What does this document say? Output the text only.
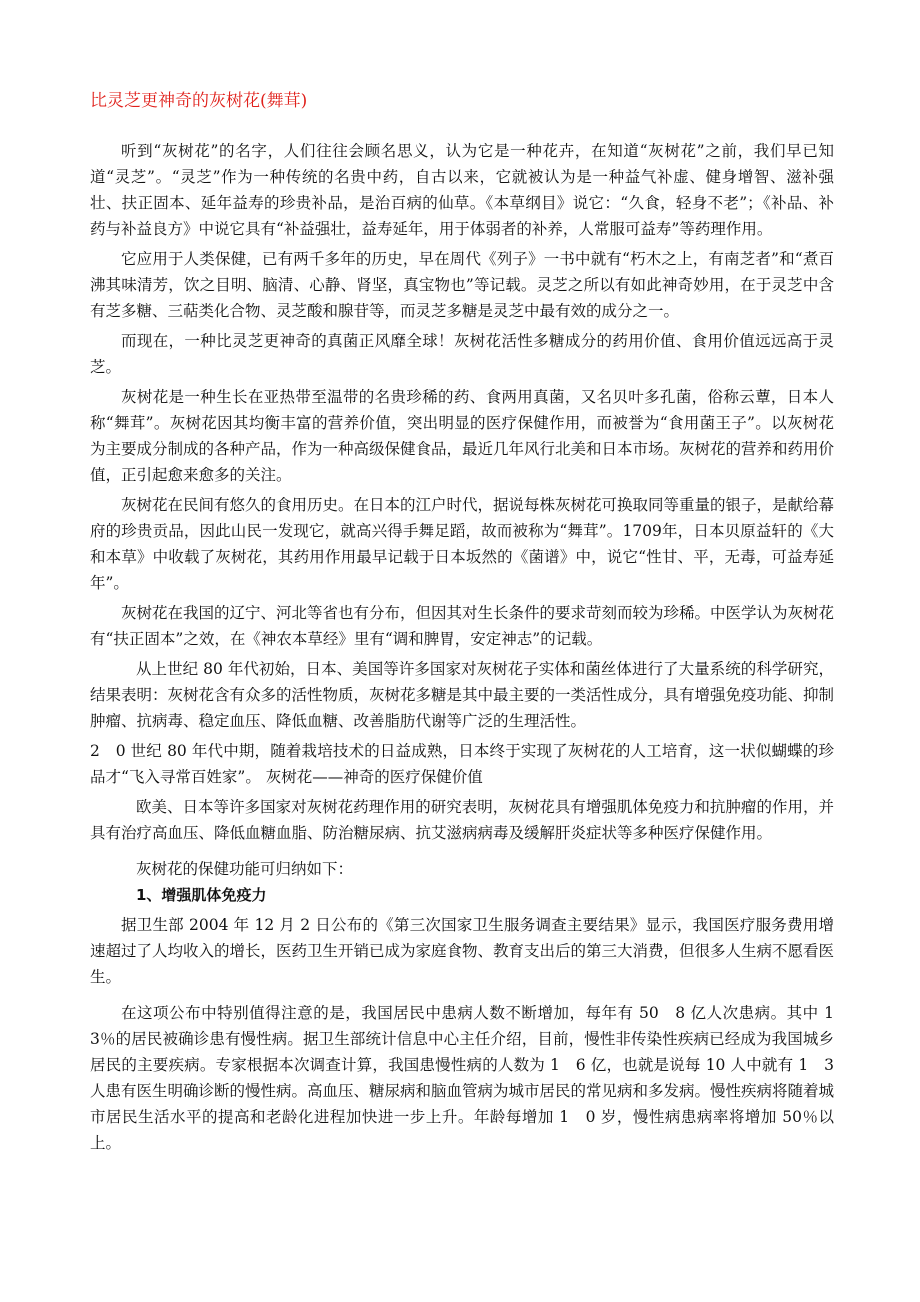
比灵芝更神奇的灰树花(舞茸)

听到“灰树花”的名字，人们往往会顾名思义，认为它是一种花卉，在知道“灰树花”之前，我们早已知道“灵芝”。“灵芝”作为一种传统的名贵中药，自古以来，它就被认为是一种益气补虚、健身增智、滋补强壮、扶正固本、延年益寿的珍贵补品，是治百病的仙草。《本草纲目》说它：“久食，轻身不老”；《补品、补药与补益良方》中说它具有“补益强壮，益寿延年，用于体弱者的补养，人常服可益寿”等药理作用。

它应用于人类保健，已有两千多年的历史，早在周代《列子》一书中就有“朽木之上，有南芝者”和“煮百沸其味清芳，饮之目明、脑清、心静、肾坚，真宝物也”等记载。灵芝之所以有如此神奇妙用，在于灵芝中含有芝多糖、三萜类化合物、灵芝酸和腺苷等，而灵芝多糖是灵芝中最有效的成分之一。

而现在，一种比灵芝更神奇的真菌正风靡全球！灰树花活性多糖成分的药用价值、食用价值远远高于灵芝。

灰树花是一种生长在亚热带至温带的名贵珍稀的药、食两用真菌，又名贝叶多孔菌，俗称云蕈，日本人称“舞茸”。灰树花因其均衡丰富的营养价值，突出明显的医疗保健作用，而被誉为“食用菌王子”。以灰树花为主要成分制成的各种产品，作为一种高级保健食品，最近几年风行北美和日本市场。灰树花的营养和药用价值，正引起愈来愈多的关注。

灰树花在民间有悠久的食用历史。在日本的江户时代，据说每株灰树花可换取同等重量的银子，是献给幕府的珍贵贡品，因此山民一发现它，就高兴得手舞足蹈，故而被称为“舞茸”。1709年，日本贝原益轩的《大和本草》中收载了灰树花，其药用作用最早记载于日本坂然的《菌谱》中，说它“性甘、平，无毒，可益寿延年”。

灰树花在我国的辽宁、河北等省也有分布，但因其对生长条件的要求苛刻而较为珍稀。中医学认为灰树花有“扶正固本”之效，在《神农本草经》里有“调和脾胃，安定神志”的记载。

从上世纪 80 年代初始，日本、美国等许多国家对灰树花子实体和菌丝体进行了大量系统的科学研究，结果表明：灰树花含有众多的活性物质，灰树花多糖是其中最主要的一类活性成分，具有增强免疫功能、抑制肿瘤、抗病毒、稳定血压、降低血糖、改善脂肪代谢等广泛的生理活性。

2　0 世纪 80 年代中期，随着栽培技术的日益成熟，日本终于实现了灰树花的人工培育，这一状似蝴蝶的珍品才“飞入寻常百姓家”。 灰树花——神奇的医疗保健价值

欧美、日本等许多国家对灰树花药理作用的研究表明，灰树花具有增强肌体免疫力和抗肿瘤的作用，并具有治疗高血压、降低血糖血脂、防治糖尿病、抗艾滋病病毒及缓解肝炎症状等多种医疗保健作用。

灰树花的保健功能可归纳如下：

1、增强肌体免疫力

据卫生部 2004 年 12 月 2 日公布的《第三次国家卫生服务调查主要结果》显示，我国医疗服务费用增速超过了人均收入的增长，医药卫生开销已成为家庭食物、教育支出后的第三大消费，但很多人生病不愿看医生。

在这项公布中特别值得注意的是，我国居民中患病人数不断增加，每年有 50　8 亿人次患病。其中 13％的居民被确诊患有慢性病。据卫生部统计信息中心主任介绍，目前，慢性非传染性疾病已经成为我国城乡居民的主要疾病。专家根据本次调查计算，我国患慢性病的人数为 1　6 亿，也就是说每 10 人中就有 1　3 人患有医生明确诊断的慢性病。高血压、糖尿病和脑血管病为城市居民的常见病和多发病。慢性疾病将随着城市居民生活水平的提高和老龄化进程加快进一步上升。年龄每增加 1　0 岁，慢性病患病率将增加 50％以上。
